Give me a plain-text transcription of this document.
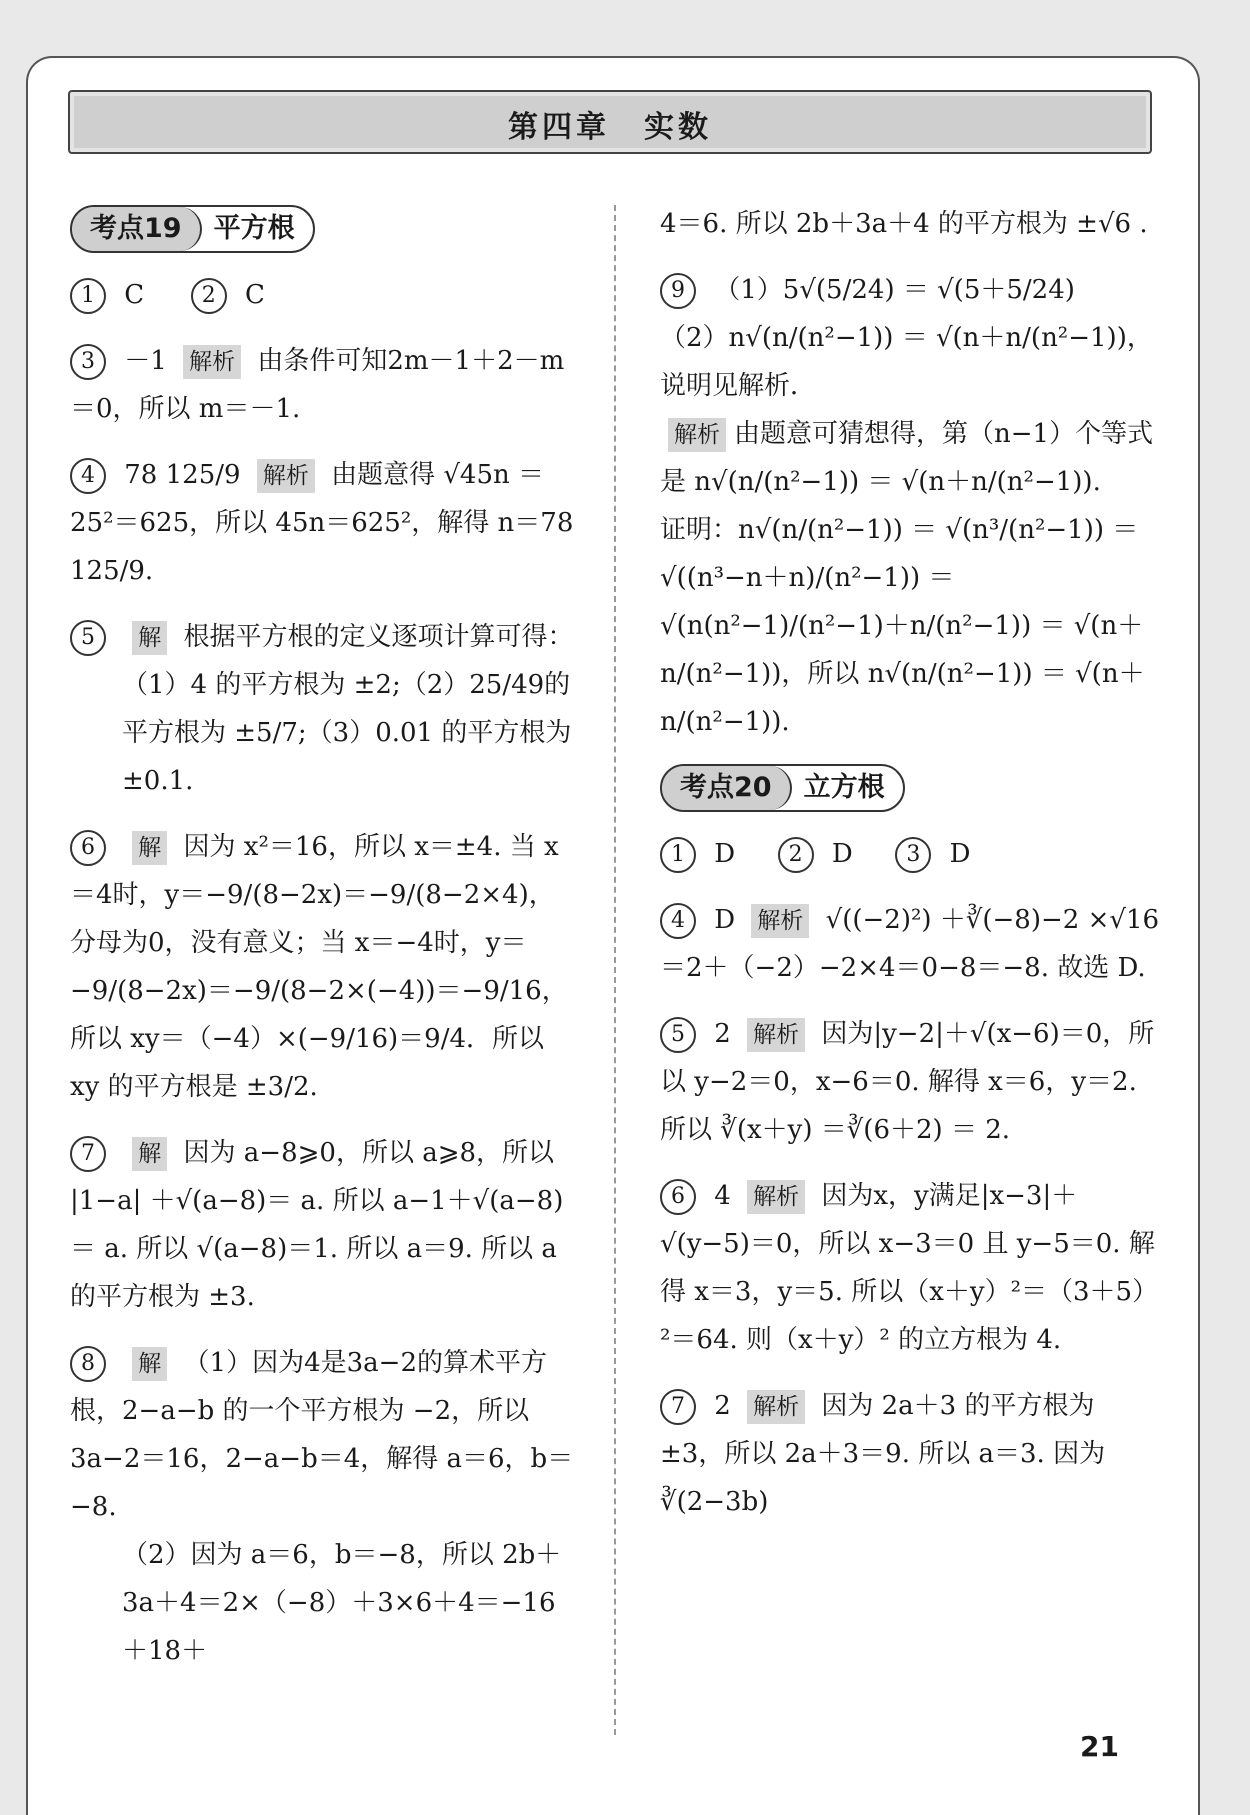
第四章　实数
考点19	平方根
1 C	2 C
3 －1 解析 由条件可知2m－1＋2－m＝0，所以 m＝－1.
4 78 125/9 解析 由题意得 √45n ＝25²＝625，所以 45n＝625²，解得 n＝78 125/9.
5 解 根据平方根的定义逐项计算可得：
（1）4 的平方根为 ±2;（2）25/49的平方根为 ±5/7;（3）0.01 的平方根为 ±0.1.
6 解 因为 x²＝16，所以 x＝±4. 当 x＝4时，y＝−9/(8−2x)＝−9/(8−2×4)，分母为0，没有意义；当 x＝−4时，y＝−9/(8−2x)＝−9/(8−2×(−4))＝−9/16，所以 xy＝（−4）×(−9/16)＝9/4．所以 xy 的平方根是 ±3/2.
7 解 因为 a−8⩾0，所以 a⩾8，所以 |1−a| ＋√(a−8)＝ a. 所以 a−1＋√(a−8)＝ a. 所以 √(a−8)＝1. 所以 a＝9. 所以 a 的平方根为 ±3.
8 解 （1）因为4是3a−2的算术平方根，2−a−b 的一个平方根为 −2，所以 3a−2＝16，2−a−b＝4，解得 a＝6，b＝−8.
（2）因为 a＝6，b＝−8，所以 2b＋3a＋4＝2×（−8）＋3×6＋4＝−16＋18＋
4＝6. 所以 2b＋3a＋4 的平方根为 ±√6 .
9 （1）5√(5/24) ＝ √(5＋5/24)
（2）n√(n/(n²−1)) ＝ √(n＋n/(n²−1))，说明见解析．
解析 由题意可猜想得，第（n−1）个等式是 n√(n/(n²−1)) ＝ √(n＋n/(n²−1)).
证明：n√(n/(n²−1)) ＝ √(n³/(n²−1)) ＝ √((n³−n＋n)/(n²−1)) ＝ √(n(n²−1)/(n²−1)＋n/(n²−1)) ＝ √(n＋n/(n²−1))，所以 n√(n/(n²−1)) ＝ √(n＋n/(n²−1)).
考点20	立方根
1 D 2 D 3 D
4 D 解析 √((−2)²) ＋∛(−8)−2 ×√16 ＝2＋（−2）−2×4＝0−8＝−8. 故选 D.
5 2 解析 因为|y−2|＋√(x−6)＝0，所以 y−2＝0，x−6＝0. 解得 x＝6，y＝2. 所以 ∛(x＋y) ＝∛(6＋2) ＝ 2.
6 4 解析 因为x，y满足|x−3|＋√(y−5)＝0，所以 x−3＝0 且 y−5＝0. 解得 x＝3，y＝5. 所以（x＋y）²＝（3＋5）²＝64. 则（x＋y）² 的立方根为 4.
7 2 解析 因为 2a＋3 的平方根为 ±3，所以 2a＋3＝9. 所以 a＝3. 因为 ∛(2−3b)
21
